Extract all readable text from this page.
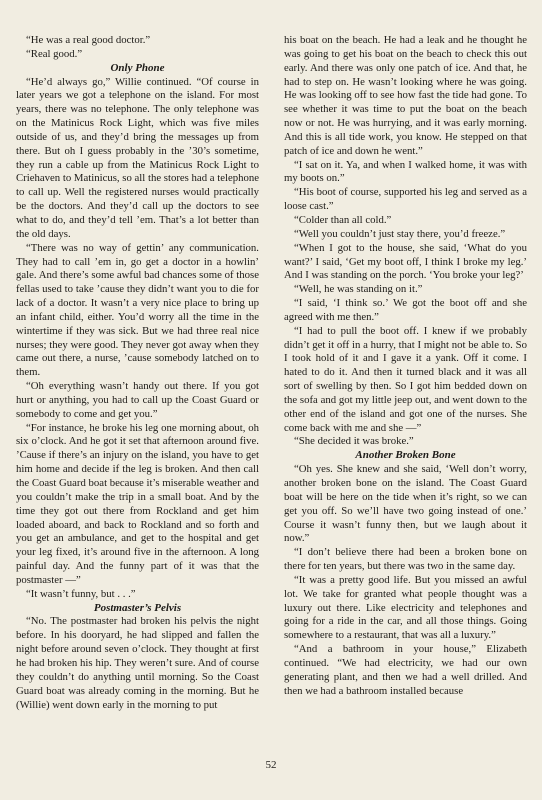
“He was a real good doctor.”

“Real good.”

Only Phone

“He’d always go,” Willie continued. “Of course in later years we got a telephone on the island. For most years, there was no telephone. The only telephone was on the Matinicus Rock Light, which was five miles outside of us, and they’d bring the messages up from there. But oh I guess probably in the ’30’s sometime, they run a cable up from the Matinicus Rock Light to Criehaven to Matinicus, so all the stores had a telephone to call up. Well the registered nurses would practically be the doctors. And they’d call up the doctors to see what to do, and they’d tell ’em. That’s a lot better than the old days.

“There was no way of gettin’ any communication. They had to call ’em in, go get a doctor in a howlin’ gale. And there’s some awful bad chances some of those fellas used to take ’cause they didn’t want you to die for lack of a doctor. It wasn’t a very nice place to bring up an infant child, either. You’d worry all the time in the wintertime if they was sick. But we had three real nice nurses; they were good. They never got away when they came out there, a nurse, ’cause somebody latched on to them.

“Oh everything wasn’t handy out there. If you got hurt or anything, you had to call up the Coast Guard or somebody to come and get you.”

“For instance, he broke his leg one morning about, oh six o’clock. And he got it set that afternoon around five. ’Cause if there’s an injury on the island, you have to get him home and decide if the leg is broken. And then call the Coast Guard boat because it’s miserable weather and you couldn’t make the trip in a small boat. And by the time they got out there from Rockland and get him loaded aboard, and back to Rockland and so forth and you get an ambulance, and get to the hospital and get your leg fixed, it’s around five in the afternoon. A long painful day. And the funny part of it was that the postmaster —”

“It wasn’t funny, but . . .”

Postmaster’s Pelvis

“No. The postmaster had broken his pelvis the night before. In his dooryard, he had slipped and fallen the night before around seven o’clock. They thought at first he had broken his hip. They weren’t sure. And of course they couldn’t do anything until morning. So the Coast Guard boat was already coming in the morning. But he (Willie) went down early in the morning to put

his boat on the beach. He had a leak and he thought he was going to get his boat on the beach to check this out early. And there was only one patch of ice. And that, he had to step on. He wasn’t looking where he was going. He was looking off to see how fast the tide had gone. To see whether it was time to put the boat on the beach now or not. He was hurrying, and it was early morning. And this is all tide work, you know. He stepped on that patch of ice and down he went.”

“I sat on it. Ya, and when I walked home, it was with my boots on.”

“His boot of course, supported his leg and served as a loose cast.”

“Colder than all cold.”

“Well you couldn’t just stay there, you’d freeze.”

“When I got to the house, she said, ‘What do you want?’ I said, ‘Get my boot off, I think I broke my leg.’ And I was standing on the porch. ‘You broke your leg?’

“Well, he was standing on it.”

“I said, ‘I think so.’ We got the boot off and she agreed with me then.”

“I had to pull the boot off. I knew if we probably didn’t get it off in a hurry, that I might not be able to. So I took hold of it and I gave it a yank. Off it come. I hated to do it. And then it turned black and it was all sort of swelling by then. So I got him bedded down on the sofa and got my little jeep out, and went down to the other end of the island and got one of the nurses. She come back with me and she —”

“She decided it was broke.”

Another Broken Bone

“Oh yes. She knew and she said, ‘Well don’t worry, another broken bone on the island. The Coast Guard boat will be here on the tide when it’s right, so we can get you off. So we’ll have two going instead of one.’ Course it wasn’t funny then, but we laugh about it now.”

“I don’t believe there had been a broken bone on there for ten years, but there was two in the same day.

“It was a pretty good life. But you missed an awful lot. We take for granted what people thought was a luxury out there. Like electricity and telephones and going for a ride in the car, and all those things. Going somewhere to a restaurant, that was all a luxury.”

“And a bathroom in your house,” Elizabeth continued. “We had electricity, we had our own generating plant, and then we had a well drilled. And then we had a bathroom installed because

52
